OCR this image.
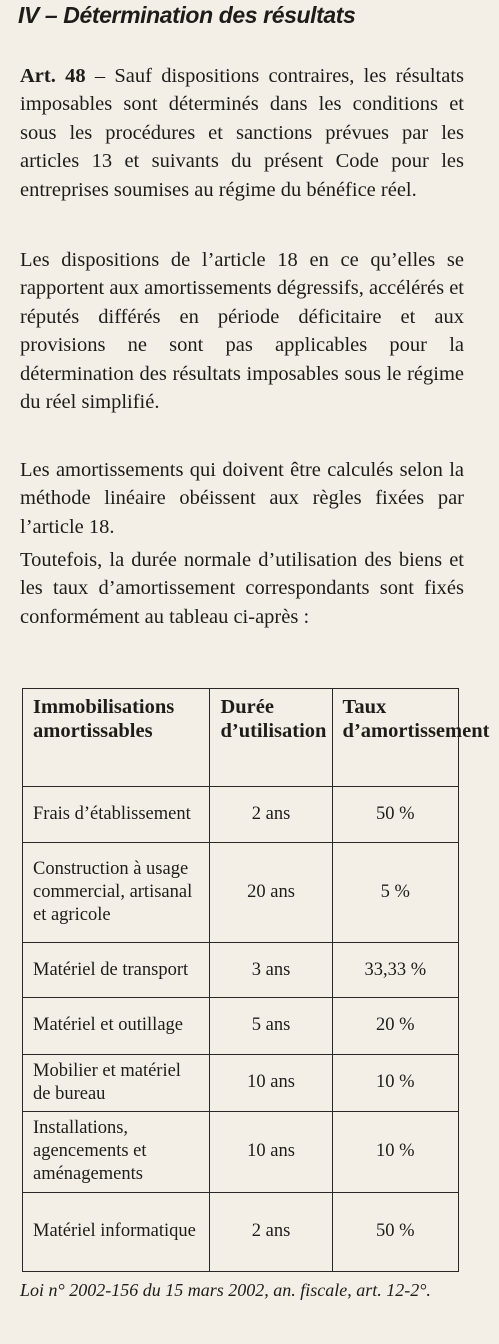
IV – Détermination des résultats

Art. 48 – Sauf dispositions contraires, les résultats imposables sont déterminés dans les conditions et sous les procédures et sanctions prévues par les articles 13 et suivants du présent Code pour les entreprises soumises au régime du bénéfice réel.

Les dispositions de l’article 18 en ce qu’elles se rapportent aux amortissements dégressifs, accélérés et réputés différés en période déficitaire et aux provisions ne sont pas applicables pour la détermination des résultats imposables sous le régime du réel simplifié.

Les amortissements qui doivent être calculés selon la méthode linéaire obéissent aux règles fixées par l’article 18.

Toutefois, la durée normale d’utilisation des biens et les taux d’amortissement correspondants sont fixés conformément au tableau ci-après :

Immobilisations amortissables	Durée d’utilisation	Taux d’amortissement
Frais d’établissement	2 ans	50 %
Construction à usage commercial, artisanal et agricole	20 ans	5 %
Matériel de transport	3 ans	33,33 %
Matériel et outillage	5 ans	20 %
Mobilier et matériel de bureau	10 ans	10 %
Installations, agencements et aménagements	10 ans	10 %
Matériel informatique	2 ans	50 %
Loi n° 2002-156 du 15 mars 2002, an. fiscale, art. 12-2°.
